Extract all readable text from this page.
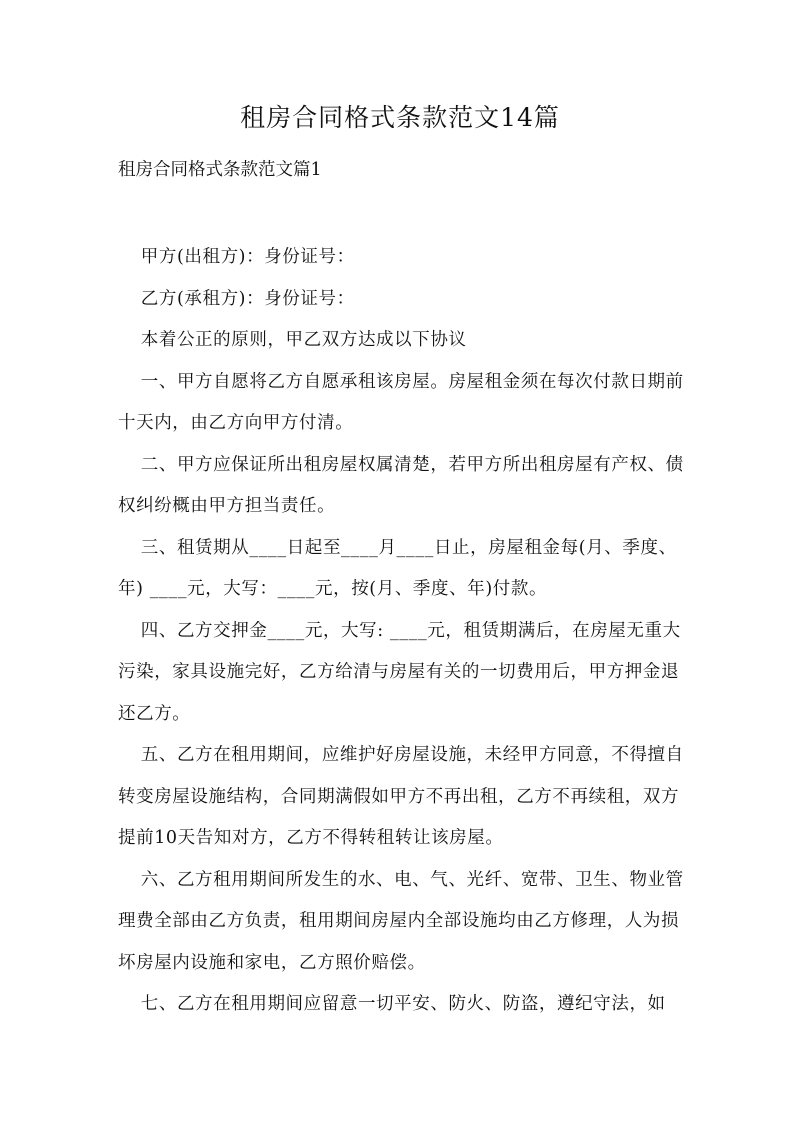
租房合同格式条款范文14篇

租房合同格式条款范文篇1

甲方(出租方)：身份证号：

乙方(承租方)：身份证号：

本着公正的原则，甲乙双方达成以下协议

一、甲方自愿将乙方自愿承租该房屋。房屋租金须在每次付款日期前十天内，由乙方向甲方付清。

二、甲方应保证所出租房屋权属清楚，若甲方所出租房屋有产权、债权纠纷概由甲方担当责任。

三、租赁期从____日起至____月____日止，房屋租金每(月、季度、年) ____元，大写：____元，按(月、季度、年)付款。

四、乙方交押金____元，大写: ____元，租赁期满后，在房屋无重大污染，家具设施完好，乙方给清与房屋有关的一切费用后，甲方押金退还乙方。

五、乙方在租用期间，应维护好房屋设施，未经甲方同意，不得擅自转变房屋设施结构，合同期满假如甲方不再出租，乙方不再续租，双方提前10天告知对方，乙方不得转租转让该房屋。

六、乙方租用期间所发生的水、电、气、光纤、宽带、卫生、物业管理费全部由乙方负责，租用期间房屋内全部设施均由乙方修理，人为损坏房屋内设施和家电，乙方照价赔偿。

七、乙方在租用期间应留意一切平安、防火、防盗，遵纪守法，如
